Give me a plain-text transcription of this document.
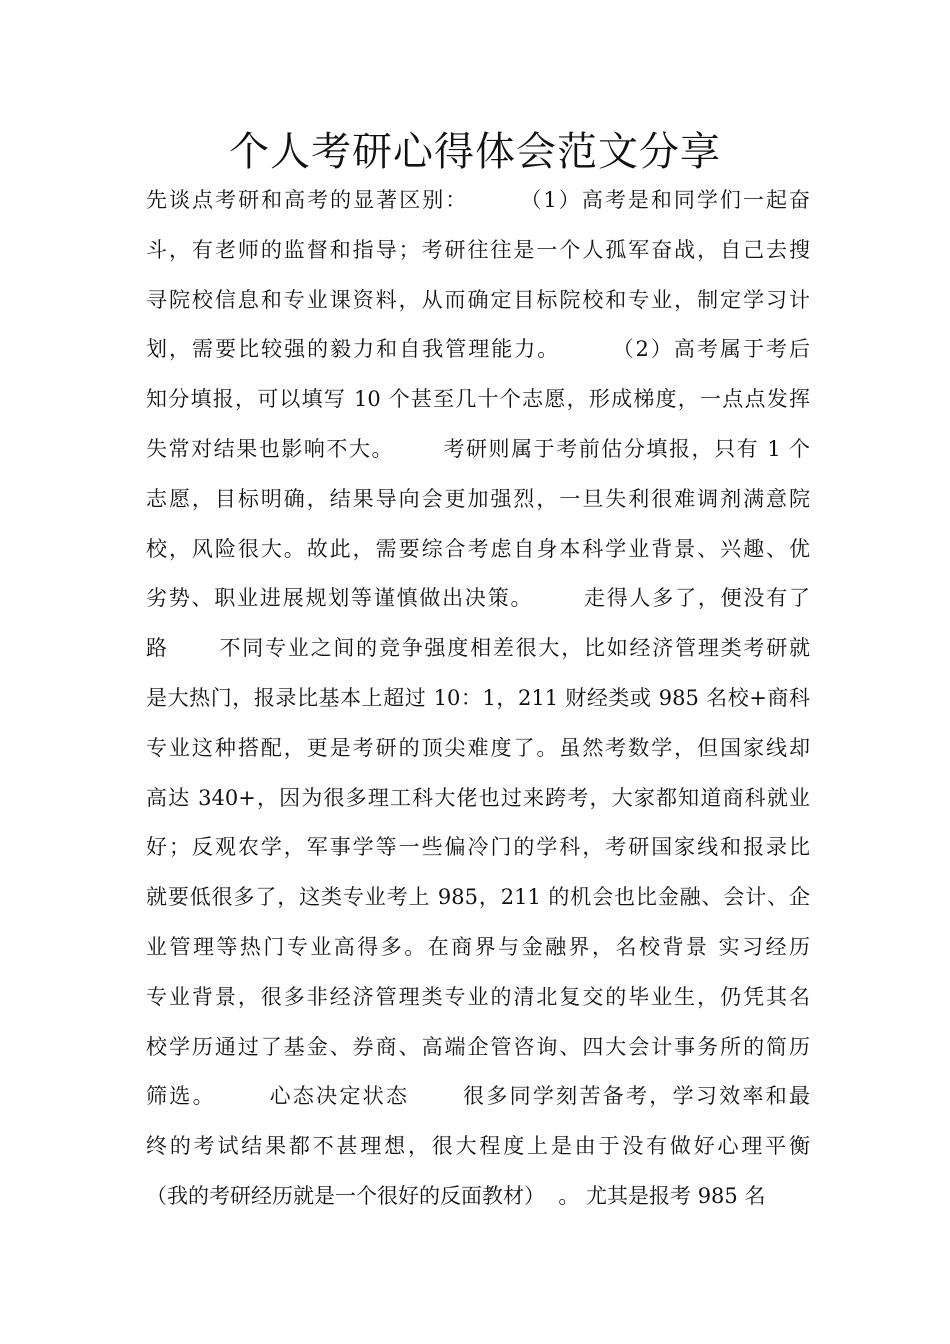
个人考研心得体会范文分享
先谈点考研和高考的显著区别：      （1）高考是和同学们一起奋
斗，有老师的监督和指导；考研往往是一个人孤军奋战，自己去搜
寻院校信息和专业课资料，从而确定目标院校和专业，制定学习计
划，需要比较强的毅力和自我管理能力。      （2）高考属于考后
知分填报，可以填写 10 个甚至几十个志愿，形成梯度，一点点发挥
失常对结果也影响不大。      考研则属于考前估分填报，只有 1 个
志愿，目标明确，结果导向会更加强烈，一旦失利很难调剂满意院
校，风险很大。故此，需要综合考虑自身本科学业背景、兴趣、优
劣势、职业进展规划等谨慎做出决策。      走得人多了，便没有了
路      不同专业之间的竞争强度相差很大，比如经济管理类考研就
是大热门，报录比基本上超过 10：1，211 财经类或 985 名校+商科
专业这种搭配，更是考研的顶尖难度了。虽然考数学，但国家线却
高达 340+，因为很多理工科大佬也过来跨考，大家都知道商科就业
好；反观农学，军事学等一些偏冷门的学科，考研国家线和报录比
就要低很多了，这类专业考上 985，211 的机会也比金融、会计、企
业管理等热门专业高得多。在商界与金融界，名校背景 实习经历
专业背景，很多非经济管理类专业的清北复交的毕业生，仍凭其名
校学历通过了基金、券商、高端企管咨询、四大会计事务所的简历
筛选。      心态决定状态      很多同学刻苦备考，学习效率和最
终的考试结果都不甚理想，很大程度上是由于没有做好心理平衡
（我的考研经历就是一个很好的反面教材）  。 尤其是报考 985 名
